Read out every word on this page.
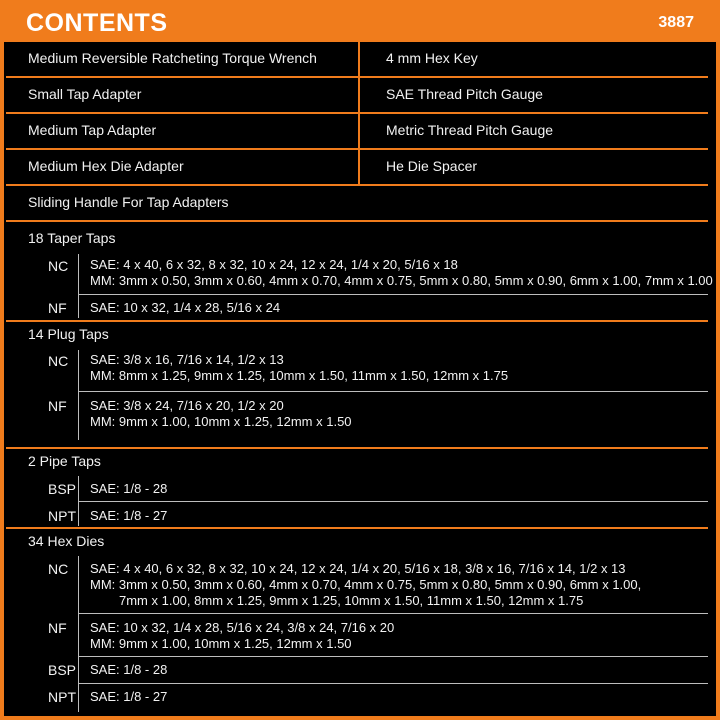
CONTENTS	3887
Medium Reversible Ratcheting Torque Wrench	4 mm Hex Key
Small Tap Adapter	SAE Thread Pitch Gauge
Medium Tap Adapter	Metric Thread Pitch Gauge
Medium Hex Die Adapter	He Die Spacer
Sliding Handle For Tap Adapters
18 Taper Taps
NC SAE: 4 x 40, 6 x 32, 8 x 32, 10 x 24, 12 x 24, 1/4 x 20, 5/16 x 18
MM: 3mm x 0.50, 3mm x 0.60, 4mm x 0.70, 4mm x 0.75, 5mm x 0.80, 5mm x 0.90, 6mm x 1.00, 7mm x 1.00
NF SAE: 10 x 32, 1/4 x 28, 5/16 x 24
14 Plug Taps
NC SAE: 3/8 x 16, 7/16 x 14, 1/2 x 13
MM: 8mm x 1.25, 9mm x 1.25, 10mm x 1.50, 11mm x 1.50, 12mm x 1.75
NF SAE: 3/8 x 24, 7/16 x 20, 1/2 x 20
MM: 9mm x 1.00, 10mm x 1.25, 12mm x 1.50
2 Pipe Taps
BSP SAE: 1/8 - 28
NPT SAE: 1/8 - 27
34 Hex Dies
NC SAE: 4 x 40, 6 x 32, 8 x 32, 10 x 24, 12 x 24, 1/4 x 20, 5/16 x 18, 3/8 x 16, 7/16 x 14, 1/2 x 13
MM: 3mm x 0.50, 3mm x 0.60, 4mm x 0.70, 4mm x 0.75, 5mm x 0.80, 5mm x 0.90, 6mm x 1.00,
7mm x 1.00, 8mm x 1.25, 9mm x 1.25, 10mm x 1.50, 11mm x 1.50, 12mm x 1.75
NF SAE: 10 x 32, 1/4 x 28, 5/16 x 24, 3/8 x 24, 7/16 x 20
MM: 9mm x 1.00, 10mm x 1.25, 12mm x 1.50
BSP SAE: 1/8 - 28
NPT SAE: 1/8 - 27
